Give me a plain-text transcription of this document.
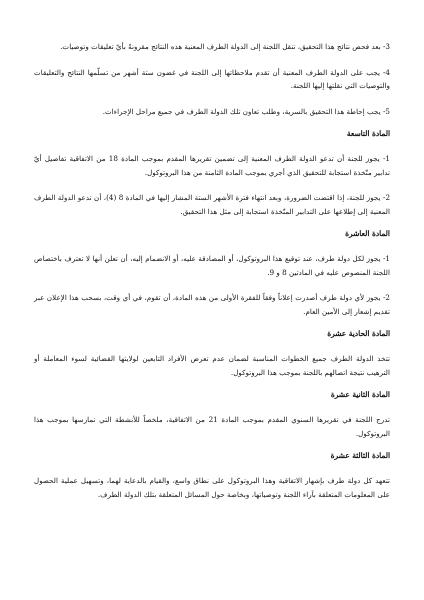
3- بعد فحص نتائج هذا التحقيق، تنقل اللجنة إلى الدولة الطرف المعنية هذه النتائج مقرونةً بأيّ تعليقات وتوصيات.

4- يجب على الدولة الطرف المعنية أن تقدم ملاحظاتها إلى اللجنة في غضون ستة أشهر من تسلّمها النتائج والتعليقات والتوصيات التي نقلتها إليها اللجنة.

5- يجب إحاطة هذا التحقيق بالسرية، وطلب تعاون تلك الدولة الطرف في جميع مراحل الإجراءات.

المادة التاسعة

1- يجوز للجنة أن تدعو الدولة الطرف المعنية إلى تضمين تقريرها المقدم بموجب المادة 18 من الاتفاقية تفاصيل أيّ تدابير متّخذة استجابة للتحقيق الذي أجري بموجب المادة الثامنة من هذا البروتوكول.

2- يجوز للجنة، إذا اقتضت الضرورة، وبعد انتهاء فترة الأشهر الستة المشار إليها في المادة 8 (4)، أن تدعو الدولة الطرف المعنية إلى إطلاعها على التدابير المتّخذة استجابة إلى مثل هذا التحقيق.

المادة العاشرة

1- يجوز لكل دولة طرف، عند توقيع هذا البروتوكول، أو المصادقة عليه، أو الانضمام إليه، أن تعلن أنها لا تعترف باختصاص اللجنة المنصوص عليه في المادتين 8 و 9.

2- يجوز لأي دولة طرف أصدرت إعلاناً وفقاً للفقرة الأولى من هذه المادة، أن تقوم، في أي وقت، بسحب هذا الإعلان عبر تقديم إشعار إلى الأمين العام.

المادة الحادية عشرة

تتخذ الدولة الطرف جميع الخطوات المناسبة لضمان عدم تعرض الأفراد التابعين لولايتها القضائية لسوء المعاملة أو الترهيب نتيجة اتصالهم باللجنة بموجب هذا البروتوكول.

المادة الثانية عشرة

تدرج اللجنة في تقريرها السنوي المقدم بموجب المادة 21 من الاتفاقية، ملخصاً للأنشطة التي تمارسها بموجب هذا البروتوكول.

المادة الثالثة عشرة

تتعهد كل دولة طرف بإشهار الاتفاقية وهذا البروتوكول على نطاق واسع، والقيام بالدعاية لهما، وتسهيل عملية الحصول على المعلومات المتعلقة بآراء اللجنة وتوصياتها، وبخاصة حول المسائل المتعلقة بتلك الدولة الطرف.
